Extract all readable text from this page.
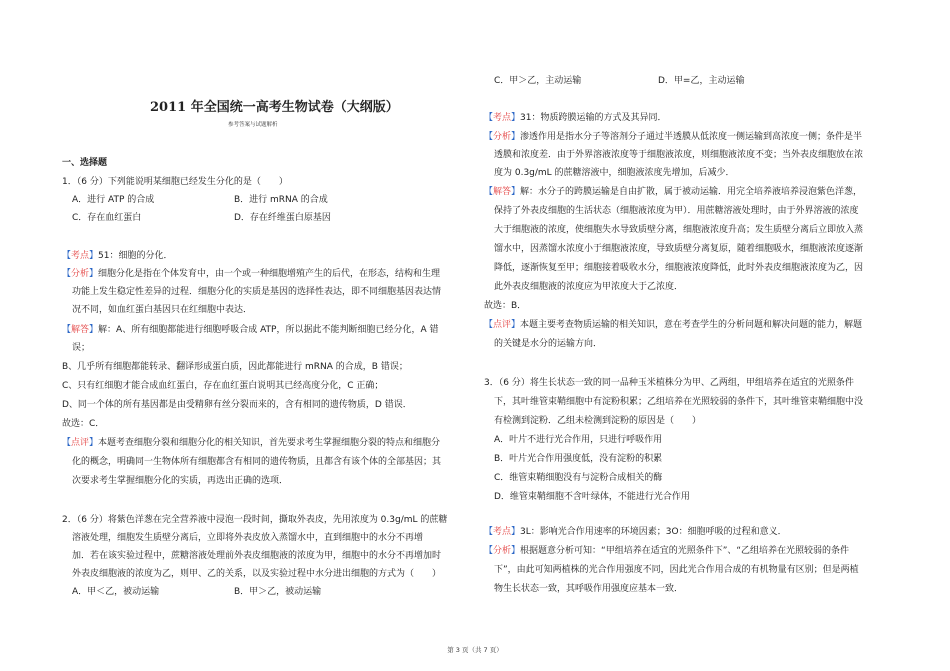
2011 年全国统一高考生物试卷（大纲版）
参考答案与试题解析
一、选择题
1．（6 分）下列能说明某细胞已经发生分化的是（　　）
A．进行 ATP 的合成	B．进行 mRNA 的合成
C．存在血红蛋白	D．存在纤维蛋白原基因
【考点】51：细胞的分化．
【分析】细胞分化是指在个体发育中，由一个或一种细胞增殖产生的后代，在形态，结构和生理
功能上发生稳定性差异的过程．细胞分化的实质是基因的选择性表达，即不同细胞基因表达情
况不同，如血红蛋白基因只在红细胞中表达．
【解答】解：A、所有细胞都能进行细胞呼吸合成 ATP，所以据此不能判断细胞已经分化，A 错
误；
B、几乎所有细胞都能转录、翻译形成蛋白质，因此都能进行 mRNA 的合成，B 错误；
C、只有红细胞才能合成血红蛋白，存在血红蛋白说明其已经高度分化，C 正确；
D、同一个体的所有基因都是由受精卵有丝分裂而来的，含有相同的遗传物质，D 错误．
故选：C．
【点评】本题考查细胞分裂和细胞分化的相关知识，首先要求考生掌握细胞分裂的特点和细胞分
化的概念，明确同一生物体所有细胞都含有相同的遗传物质，且都含有该个体的全部基因；其
次要求考生掌握细胞分化的实质，再选出正确的选项．
2．（6 分）将紫色洋葱在完全营养液中浸泡一段时间，撕取外表皮，先用浓度为 0.3g/mL 的蔗糖
溶液处理，细胞发生质壁分离后，立即将外表皮放入蒸馏水中，直到细胞中的水分不再增
加．若在该实验过程中，蔗糖溶液处理前外表皮细胞液的浓度为甲，细胞中的水分不再增加时
外表皮细胞液的浓度为乙，则甲、乙的关系，以及实验过程中水分进出细胞的方式为（　　）
A．甲＜乙，被动运输	B．甲＞乙，被动运输
C．甲＞乙，主动运输	D．甲=乙，主动运输
【考点】31：物质跨膜运输的方式及其异同．
【分析】渗透作用是指水分子等溶剂分子通过半透膜从低浓度一侧运输到高浓度一侧；条件是半
透膜和浓度差．由于外界溶液浓度等于细胞液浓度，则细胞液浓度不变；当外表皮细胞放在浓
度为 0.3g/mL 的蔗糖溶液中，细胞液浓度先增加，后减少．
【解答】解：水分子的跨膜运输是自由扩散，属于被动运输．用完全培养液培养浸泡紫色洋葱，
保持了外表皮细胞的生活状态（细胞液浓度为甲）．用蔗糖溶液处理时，由于外界溶液的浓度
大于细胞液的浓度，使细胞失水导致质壁分离，细胞液浓度升高；发生质壁分离后立即放入蒸
馏水中，因蒸馏水浓度小于细胞液浓度，导致质壁分离复原，随着细胞吸水，细胞液浓度逐渐
降低，逐渐恢复至甲；细胞接着吸收水分，细胞液浓度降低，此时外表皮细胞液浓度为乙，因
此外表皮细胞液的浓度应为甲浓度大于乙浓度．
故选：B．
【点评】本题主要考查物质运输的相关知识，意在考查学生的分析问题和解决问题的能力，解题
的关键是水分的运输方向．
3．（6 分）将生长状态一致的同一品种玉米植株分为甲、乙两组，甲组培养在适宜的光照条件
下，其叶维管束鞘细胞中有淀粉积累；乙组培养在光照较弱的条件下，其叶维管束鞘细胞中没
有检测到淀粉．乙组未检测到淀粉的原因是（　　）
A．叶片不进行光合作用，只进行呼吸作用
B．叶片光合作用强度低，没有淀粉的积累
C．维管束鞘细胞没有与淀粉合成相关的酶
D．维管束鞘细胞不含叶绿体，不能进行光合作用
【考点】3L：影响光合作用速率的环境因素；3O：细胞呼吸的过程和意义．
【分析】根据题意分析可知：“甲组培养在适宜的光照条件下”、“乙组培养在光照较弱的条件
下”，由此可知两植株的光合作用强度不同，因此光合作用合成的有机物量有区别；但是两植
物生长状态一致，其呼吸作用强度应基本一致．
第 3 页（共 7 页）
